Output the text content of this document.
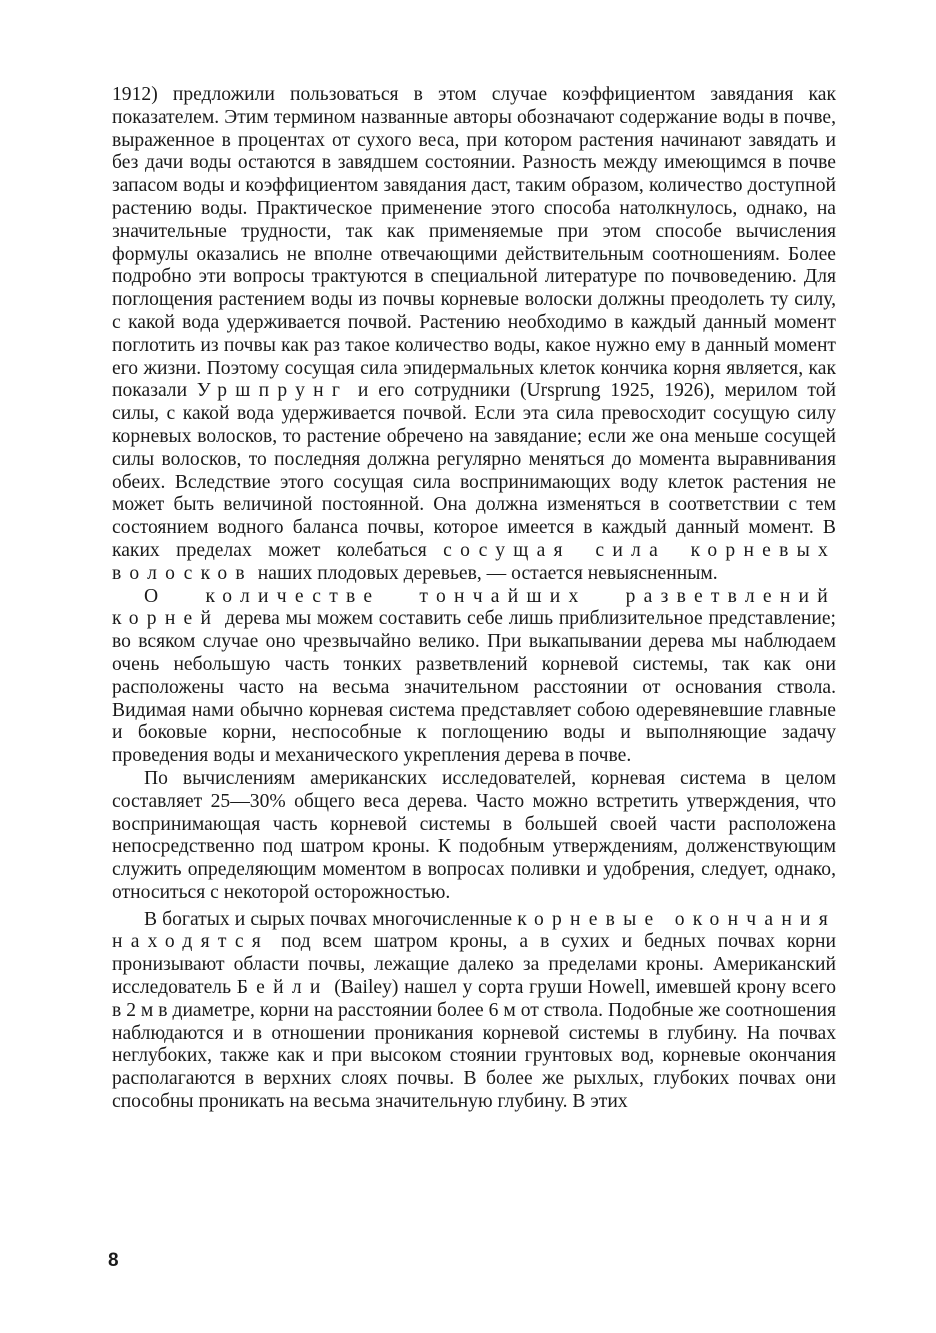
1912) предложили пользоваться в этом случае коэффициентом завядания как показателем. Этим термином названные авторы обозначают содержание воды в почве, выраженное в процентах от сухого веса, при котором растения начинают завядать и без дачи воды остаются в завядшем состоянии. Разность между имеющимся в почве запасом воды и коэффициентом завядания даст, таким образом, количество доступной растению воды. Практическое применение этого способа натолкнулось, однако, на значительные трудности, так как применяемые при этом способе вычисления формулы оказались не вполне отвечающими действительным соотношениям. Более подробно эти вопросы трактуются в специальной литературе по почвоведению. Для поглощения растением воды из почвы корневые волоски должны преодолеть ту силу, с какой вода удерживается почвой. Растению необходимо в каждый данный момент поглотить из почвы как раз такое количество воды, какое нужно ему в данный момент его жизни. Поэтому сосущая сила эпидермальных клеток кончика корня является, как показали Уршпрунг и его сотрудники (Ursprung 1925, 1926), мерилом той силы, с какой вода удерживается почвой. Если эта сила превосходит сосущую силу корневых волосков, то растение обречено на завядание; если же она меньше сосущей силы волосков, то последняя должна регулярно меняться до момента выравнивания обеих. Вследствие этого сосущая сила воспринимающих воду клеток растения не может быть величиной постоянной. Она должна изменяться в соответствии с тем состоянием водного баланса почвы, которое имеется в каждый данный момент. В каких пределах может колебаться сосущая сила корневых волосков наших плодовых деревьев, — остается невыясненным.

О количестве тончайших разветвлений корней дерева мы можем составить себе лишь приблизительное представление; во всяком случае оно чрезвычайно велико. При выкапывании дерева мы наблюдаем очень небольшую часть тонких разветвлений корневой системы, так как они расположены часто на весьма значительном расстоянии от основания ствола. Видимая нами обычно корневая система представляет собою одеревяневшие главные и боковые корни, неспособные к поглощению воды и выполняющие задачу проведения воды и механического укрепления дерева в почве.

По вычислениям американских исследователей, корневая система в целом составляет 25—30% общего веса дерева. Часто можно встретить утверждения, что воспринимающая часть корневой системы в большей своей части расположена непосредственно под шатром кроны. К подобным утверждениям, долженствующим служить определяющим моментом в вопросах поливки и удобрения, следует, однако, относиться с некоторой осторожностью.

В богатых и сырых почвах многочисленные корневые окончания находятся под всем шатром кроны, а в сухих и бедных почвах корни пронизывают области почвы, лежащие далеко за пределами кроны. Американский исследователь Бейли (Bailey) нашел у сорта груши Howell, имевшей крону всего в 2 м в диаметре, корни на расстоянии более 6 м от ствола. Подобные же соотношения наблюдаются и в отношении проникания корневой системы в глубину. На почвах неглубоких, также как и при высоком стоянии грунтовых вод, корневые окончания располагаются в верхних слоях почвы. В более же рыхлых, глубоких почвах они способны проникать на весьма значительную глубину. В этих

8
